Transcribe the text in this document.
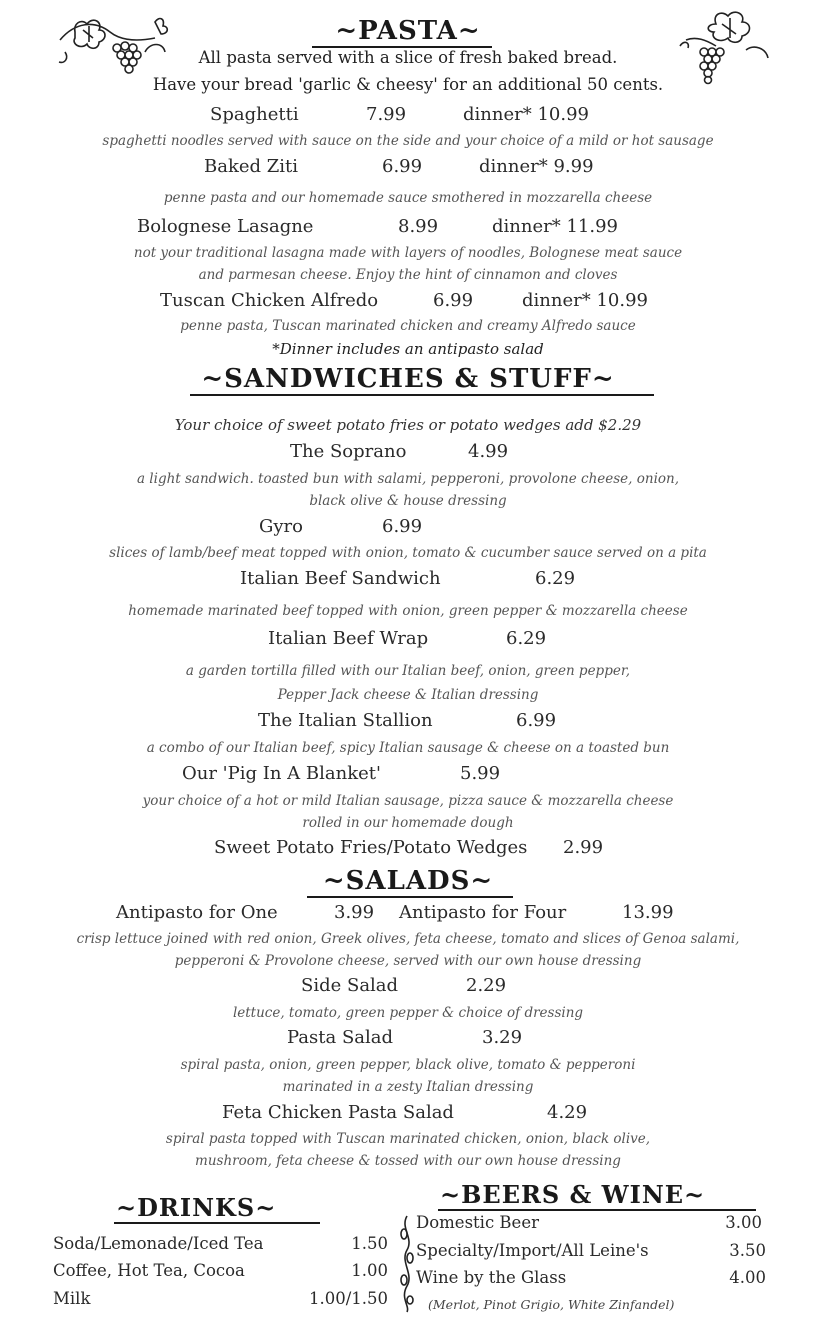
~PASTA~
All pasta served with a slice of fresh baked bread.
Have your bread 'garlic & cheesy' for an additional 50 cents.
Spaghetti	7.99	dinner* 10.99
spaghetti noodles served with sauce on the side and your choice of a mild or hot sausage
Baked Ziti	6.99	dinner* 9.99
penne pasta and our homemade sauce smothered in mozzarella cheese
Bolognese Lasagne	8.99	dinner* 11.99
not your traditional lasagna made with layers of noodles, Bolognese meat sauce
and parmesan cheese. Enjoy the hint of cinnamon and cloves
Tuscan Chicken Alfredo	6.99	dinner* 10.99
penne pasta, Tuscan marinated chicken and creamy Alfredo sauce
*Dinner includes an antipasto salad
~SANDWICHES & STUFF~
Your choice of sweet potato fries or potato wedges add $2.29
The Soprano	4.99
a light sandwich. toasted bun with salami, pepperoni, provolone cheese, onion,
black olive & house dressing
Gyro	6.99
slices of lamb/beef meat topped with onion, tomato & cucumber sauce served on a pita
Italian Beef Sandwich	6.29
homemade marinated beef topped with onion, green pepper & mozzarella cheese
Italian Beef Wrap	6.29
a garden tortilla filled with our Italian beef, onion, green pepper,
Pepper Jack cheese & Italian dressing
The Italian Stallion	6.99
a combo of our Italian beef, spicy Italian sausage & cheese on a toasted bun
Our 'Pig In A Blanket'	5.99
your choice of a hot or mild Italian sausage, pizza sauce & mozzarella cheese
rolled in our homemade dough
Sweet Potato Fries/Potato Wedges 2.99
~SALADS~
Antipasto for One	3.99 Antipasto for Four	13.99
crisp lettuce joined with red onion, Greek olives, feta cheese, tomato and slices of Genoa salami,
pepperoni & Provolone cheese, served with our own house dressing
Side Salad	2.29
lettuce, tomato, green pepper & choice of dressing
Pasta Salad	3.29
spiral pasta, onion, green pepper, black olive, tomato & pepperoni
marinated in a zesty Italian dressing
Feta Chicken Pasta Salad	4.29
spiral pasta topped with Tuscan marinated chicken, onion, black olive,
mushroom, feta cheese & tossed with our own house dressing
~DRINKS~
Soda/Lemonade/Iced Tea	1.50
Coffee, Hot Tea, Cocoa	1.00
Milk	1.00/1.50
~BEERS & WINE~
Domestic Beer	3.00
Specialty/Import/All Leine's	3.50
Wine by the Glass	4.00
(Merlot, Pinot Grigio, White Zinfandel)
